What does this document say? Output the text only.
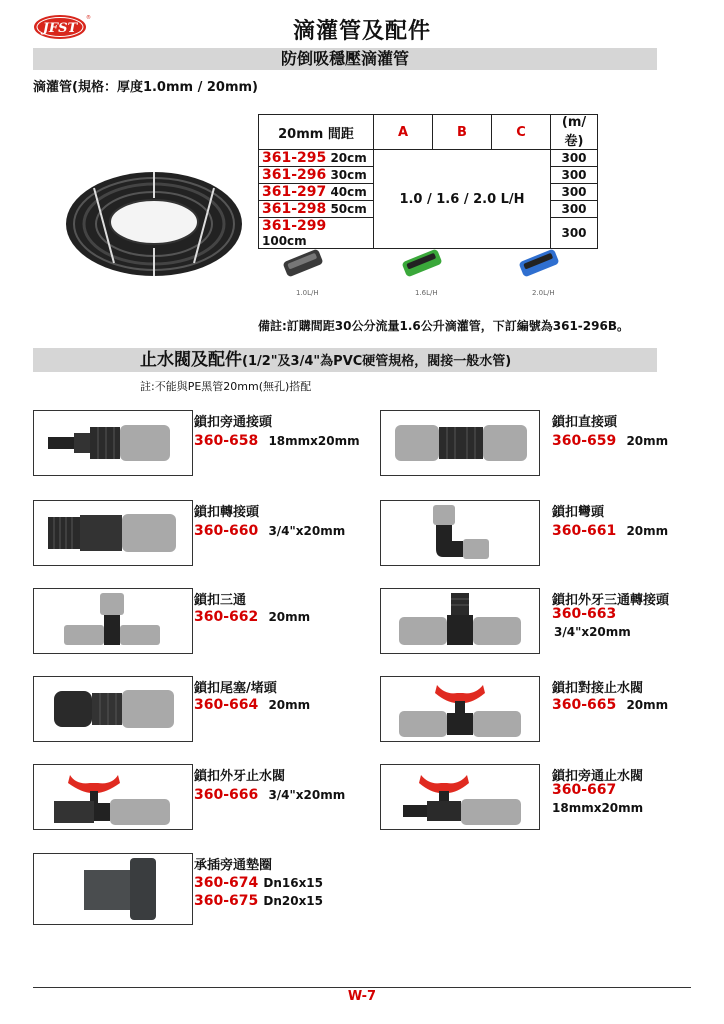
JFST
®
滴灌管及配件
防倒吸穩壓滴灌管
滴灌管(規格：厚度1.0mm / 20mm)
20mm 間距	A	B	C	(m/卷)
361-295 20cm	1.0 / 1.6 / 2.0 L/H			300
361-296 30cm				300
361-297 40cm				300
361-298 50cm				300
361-299 100cm				300
1.0L/H	1.6L/H	2.0L/H
備註:訂購間距30公分流量1.6公升滴灌管，下訂編號為361-296B。
止水閥及配件(1/2"及3/4"為PVC硬管規格，閥接一般水管)
註:不能與PE黑管20mm(無孔)搭配
鎖扣旁通接頭
360-658 18mmx20mm
鎖扣轉接頭
360-660 3/4"x20mm
鎖扣三通
360-662 20mm
鎖扣尾塞/堵頭
360-664 20mm
鎖扣外牙止水閥
360-666 3/4"x20mm
承插旁通墊圈
360-674 Dn16x15
360-675 Dn20x15
鎖扣直接頭
360-659 20mm
鎖扣彎頭
360-661 20mm
鎖扣外牙三通轉接頭
360-663
3/4"x20mm
鎖扣對接止水閥
360-665 20mm
鎖扣旁通止水閥
360-667
18mmx20mm
W-7
